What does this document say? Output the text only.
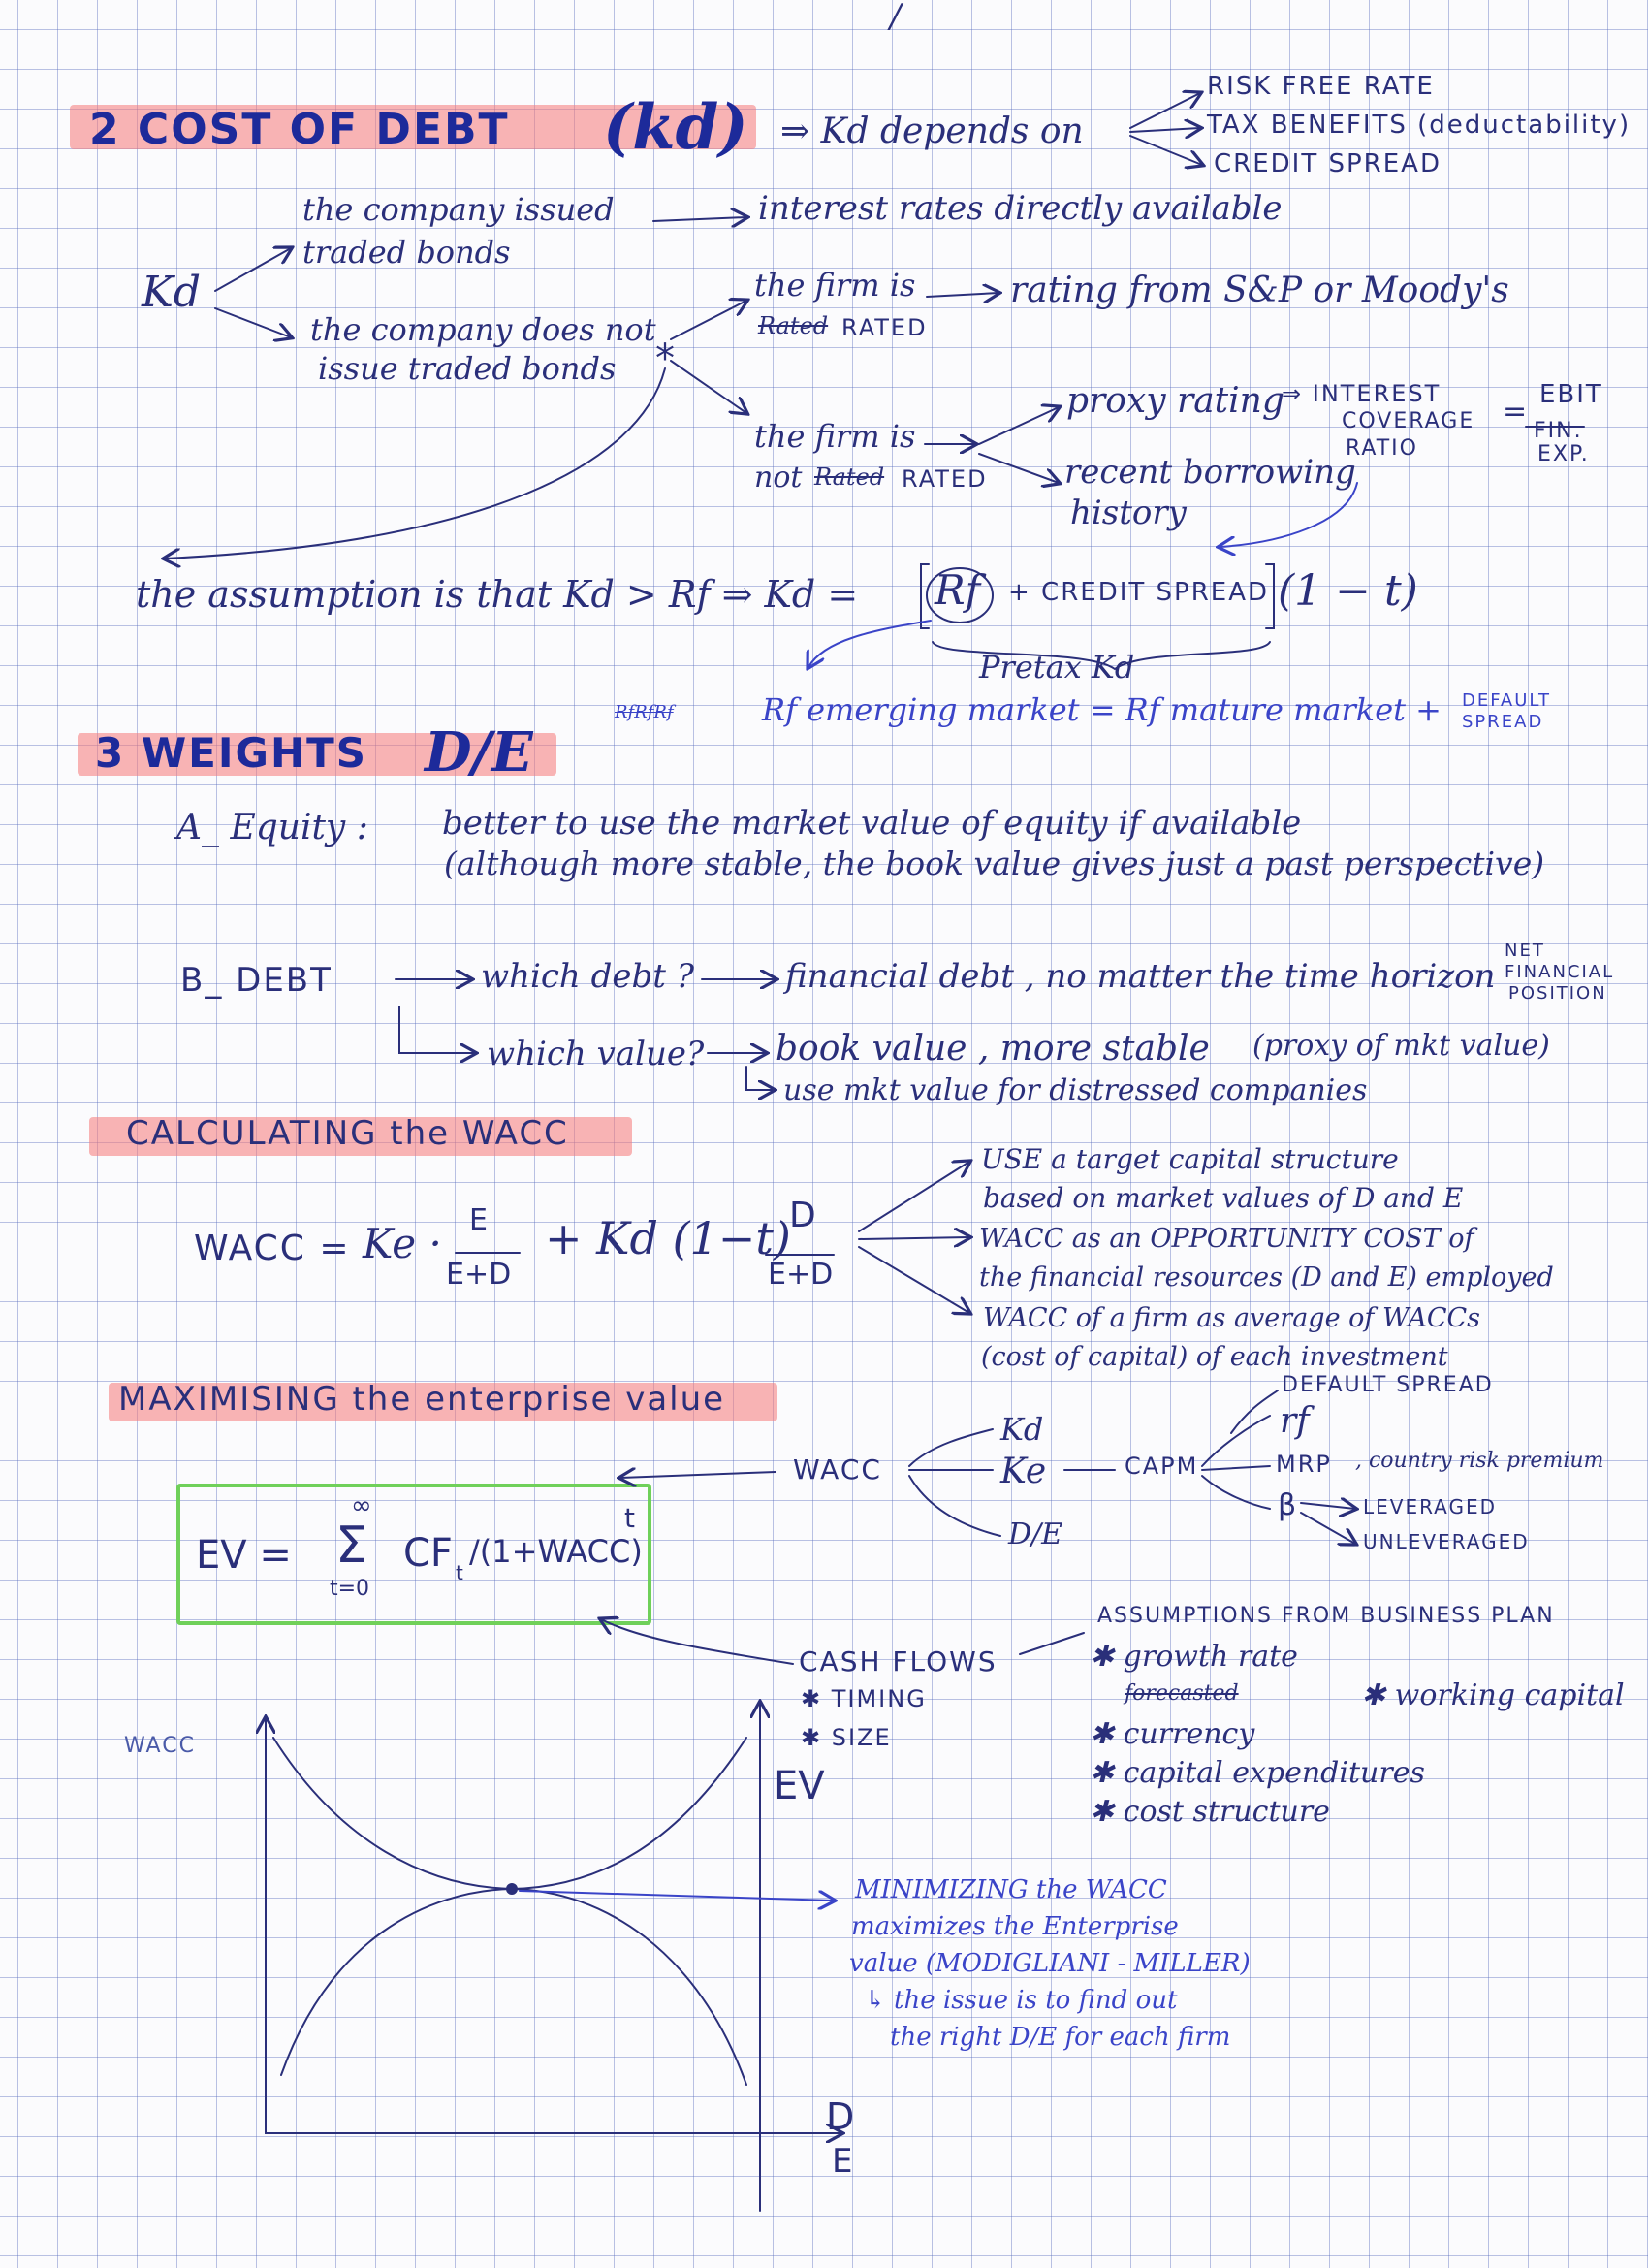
/
2 COST OF DEBT (kd) ⇒ Kd depends on
RISK FREE RATE
TAX BENEFITS (deductability)
CREDIT SPREAD
Kd
the company issued
traded bonds
interest rates directly available
the company does not
issue traded bonds *
the firm is
Rated RATED
rating from S&P or Moody's
the firm is
not Rated RATED
proxy rating
⇒ INTEREST
COVERAGE
RATIO
= EBIT
FIN.
EXP.
recent borrowing
history
the assumption is that Kd > Rf ⇒ Kd = Rf + CREDIT SPREAD (1 − t)
Pretax Kd
RfRfRf	Rf emerging market = Rf mature market + DEFAULT
SPREAD
3 WEIGHTS D/E
A_ Equity : better to use the market value of equity if available
(although more stable, the book value gives just a past perspective)
B_ DEBT	which debt ?	financial debt , no matter the time horizon
NET
FINANCIAL
POSITION
which value? book value , more stable (proxy of mkt value)
use mkt value for distressed companies
CALCULATING the WACC
WACC = Ke · E
E+D
+ Kd (1−t)
D
E+D
USE a target capital structure
based on market values of D and E
WACC as an OPPORTUNITY COST of
the financial resources (D and E) employed
WACC of a firm as average of WACCs
(cost of capital) of each investment
MAXIMISING the enterprise value
EV =
∞
Σ
t=0
CF t
/(1+WACC)
t
WACC
Kd
Ke
D/E
CAPM
DEFAULT SPREAD
rf
MRP , country risk premium
β	LEVERAGED
UNLEVERAGED
CASH FLOWS
✱ TIMING
✱ SIZE
ASSUMPTIONS FROM BUSINESS PLAN
✱ growth rate
forecasted	✱ working capital
✱ currency
✱ capital expenditures
✱ cost structure
WACC
EV
D
E
MINIMIZING the WACC
maximizes the Enterprise
value (MODIGLIANI - MILLER)
↳ the issue is to find out
the right D/E for each firm
